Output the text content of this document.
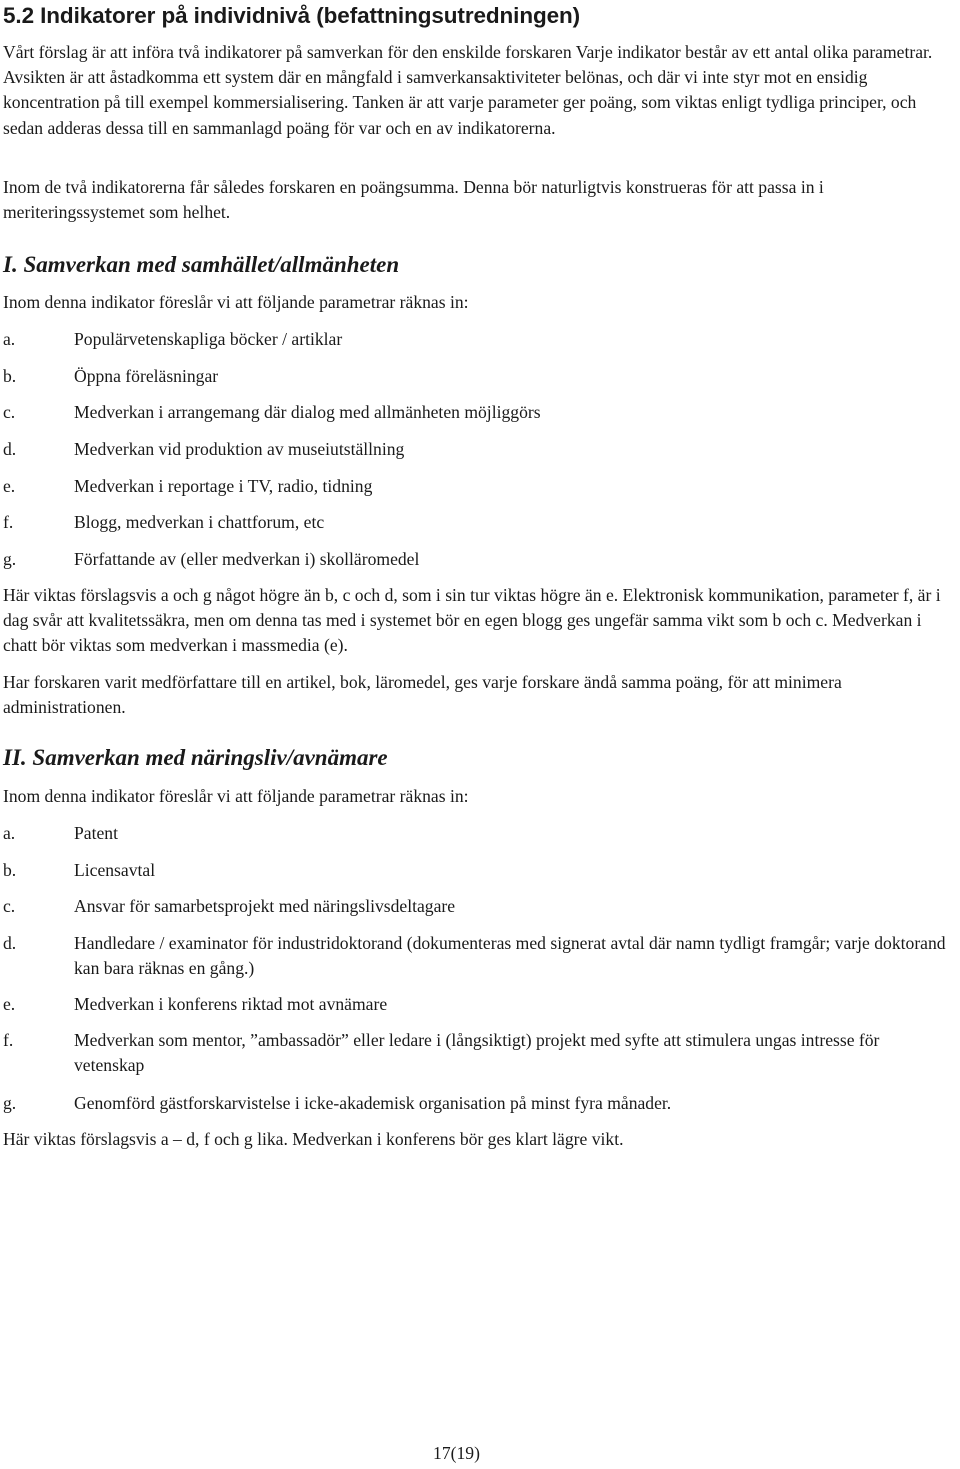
5.2 Indikatorer på individnivå (befattningsutredningen)

Vårt förslag är att införa två indikatorer på samverkan för den enskilde forskaren Varje indikator består av ett antal olika parametrar. Avsikten är att åstadkomma ett system där en mångfald i samverkansaktiviteter belönas, och där vi inte styr mot en ensidig koncentration på till exempel kommersialisering. Tanken är att varje parameter ger poäng, som viktas enligt tydliga principer, och sedan adderas dessa till en sammanlagd poäng för var och en av indikatorerna.

Inom de två indikatorerna får således forskaren en poängsumma. Denna bör naturligtvis konstrueras för att passa in i meriteringssystemet som helhet.

I. Samverkan med samhället/allmänheten

Inom denna indikator föreslår vi att följande parametrar räknas in:

a.	Populärvetenskapliga böcker / artiklar
b.	Öppna föreläsningar
c.	Medverkan i arrangemang där dialog med allmänheten möjliggörs
d.	Medverkan vid produktion av museiutställning
e.	Medverkan i reportage i TV, radio, tidning
f.	Blogg, medverkan i chattforum, etc
g.	Författande av (eller medverkan i) skolläromedel

Här viktas förslagsvis a och g något högre än b, c och d, som i sin tur viktas högre än e. Elektronisk kommunikation, parameter f, är i dag svår att kvalitetssäkra, men om denna tas med i systemet bör en egen blogg ges ungefär samma vikt som b och c. Medverkan i chatt bör viktas som medverkan i massmedia (e).

Har forskaren varit medförfattare till en artikel, bok, läromedel, ges varje forskare ändå samma poäng, för att minimera administrationen.

II. Samverkan med näringsliv/avnämare

Inom denna indikator föreslår vi att följande parametrar räknas in:

a.	Patent
b.	Licensavtal
c.	Ansvar för samarbetsprojekt med näringslivsdeltagare
d.	Handledare / examinator för industridoktorand (dokumenteras med signerat avtal där namn tydligt framgår; varje doktorand kan bara räknas en gång.)
e.	Medverkan i konferens riktad mot avnämare
f.	Medverkan som mentor, ”ambassadör” eller ledare i (långsiktigt) projekt med syfte att stimulera ungas intresse för vetenskap
g.	Genomförd gästforskarvistelse i icke-akademisk organisation på minst fyra månader.

Här viktas förslagsvis a – d, f och g lika. Medverkan i konferens bör ges klart lägre vikt.

17(19)
